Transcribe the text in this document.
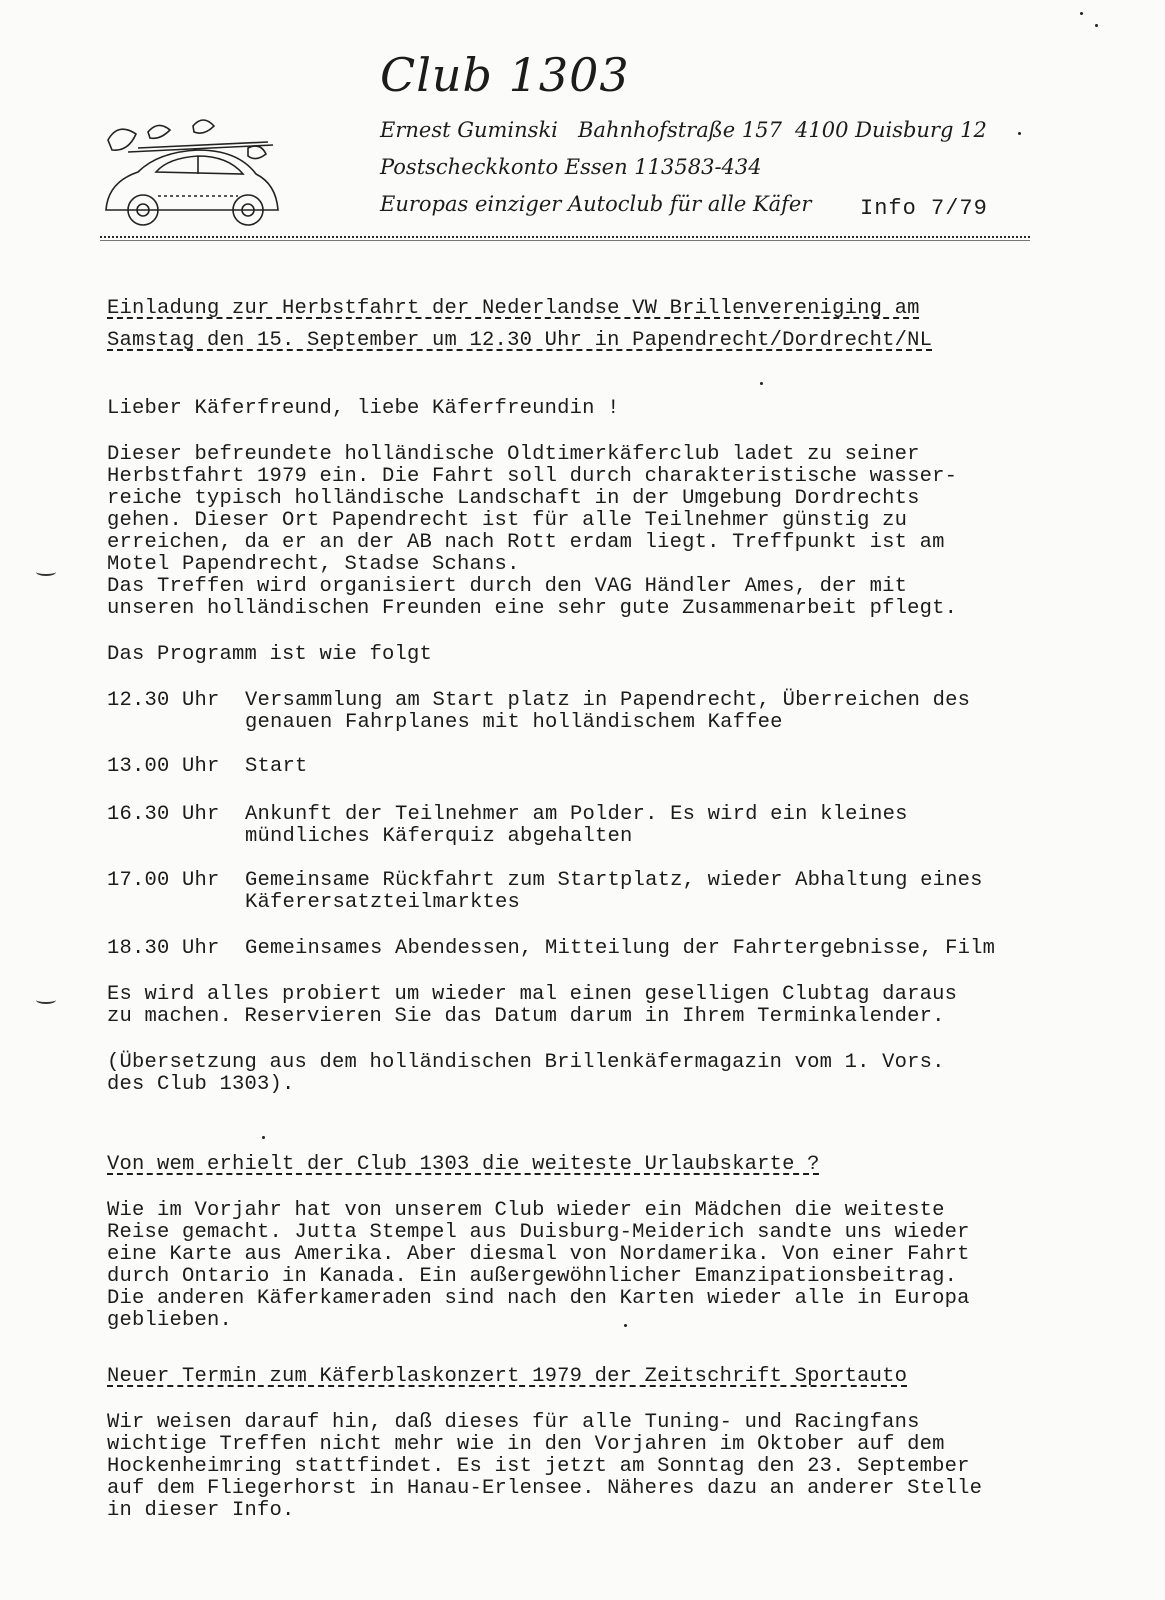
Club 1303
Ernest Guminski Bahnhofstraße 157 4100 Duisburg 12
Postscheckkonto Essen 113583-434
Europas einziger Autoclub für alle Käfer Info 7/79
Einladung zur Herbstfahrt der Nederlandse VW Brillenvereniging am
Samstag den 15. September um 12.30 Uhr in Papendrecht/Dordrecht/NL
Lieber Käferfreund, liebe Käferfreundin !
Dieser befreundete holländische Oldtimerkäferclub ladet zu seiner
Herbstfahrt 1979 ein. Die Fahrt soll durch charakteristische wasser-
reiche typisch holländische Landschaft in der Umgebung Dordrechts
gehen. Dieser Ort Papendrecht ist für alle Teilnehmer günstig zu
erreichen, da er an der AB nach Rott erdam liegt. Treffpunkt ist am
Motel Papendrecht, Stadse Schans.
Das Treffen wird organisiert durch den VAG Händler Ames, der mit
unseren holländischen Freunden eine sehr gute Zusammenarbeit pflegt.
Das Programm ist wie folgt
12.30 Uhr Versammlung am Start platz in Papendrecht, Überreichen des
genauen Fahrplanes mit holländischem Kaffee
13.00 Uhr Start
16.30 Uhr Ankunft der Teilnehmer am Polder. Es wird ein kleines
mündliches Käferquiz abgehalten
17.00 Uhr Gemeinsame Rückfahrt zum Startplatz, wieder Abhaltung eines
Käferersatzteilmarktes
18.30 Uhr Gemeinsames Abendessen, Mitteilung der Fahrtergebnisse, Film
Es wird alles probiert um wieder mal einen geselligen Clubtag daraus
zu machen. Reservieren Sie das Datum darum in Ihrem Terminkalender.
(Übersetzung aus dem holländischen Brillenkäfermagazin vom 1. Vors.
des Club 1303).
Von wem erhielt der Club 1303 die weiteste Urlaubskarte ?
Wie im Vorjahr hat von unserem Club wieder ein Mädchen die weiteste
Reise gemacht. Jutta Stempel aus Duisburg-Meiderich sandte uns wieder
eine Karte aus Amerika. Aber diesmal von Nordamerika. Von einer Fahrt
durch Ontario in Kanada. Ein außergewöhnlicher Emanzipationsbeitrag.
Die anderen Käferkameraden sind nach den Karten wieder alle in Europa
geblieben.
Neuer Termin zum Käferblaskonzert 1979 der Zeitschrift Sportauto
Wir weisen darauf hin, daß dieses für alle Tuning- und Racingfans
wichtige Treffen nicht mehr wie in den Vorjahren im Oktober auf dem
Hockenheimring stattfindet. Es ist jetzt am Sonntag den 23. September
auf dem Fliegerhorst in Hanau-Erlensee. Näheres dazu an anderer Stelle
in dieser Info.
